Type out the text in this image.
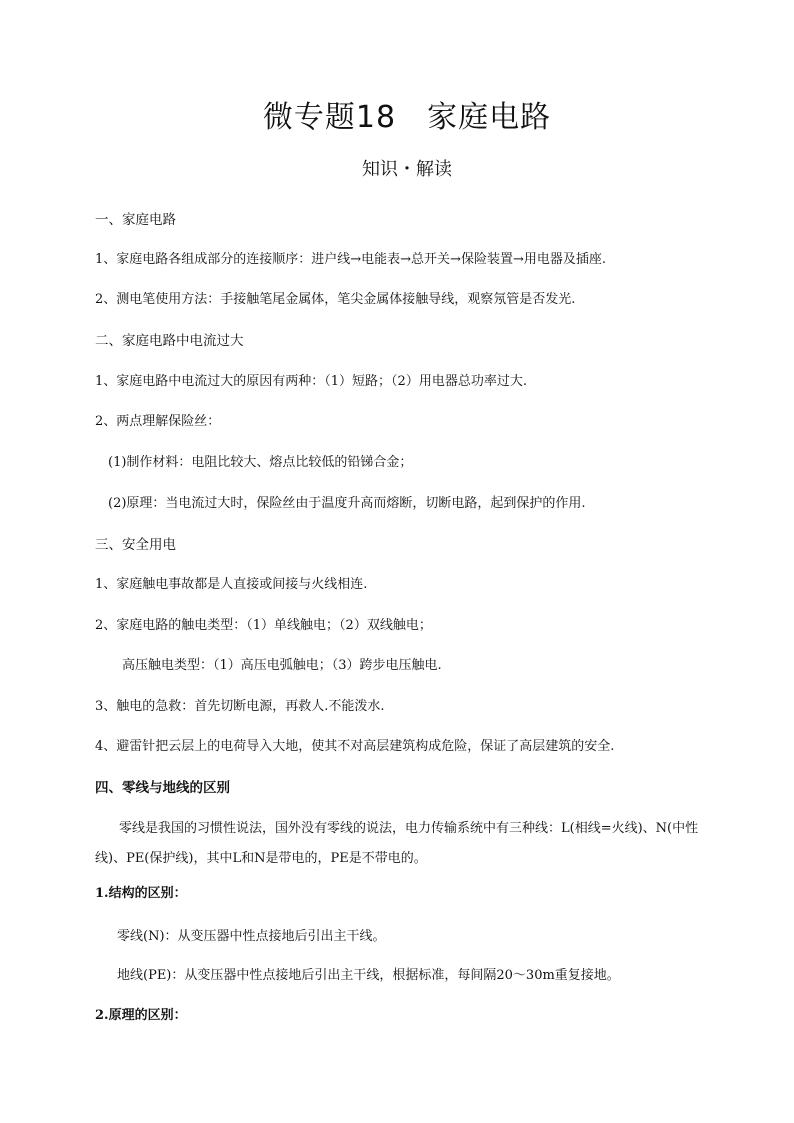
微专题18　家庭电路
知识・解读
一、家庭电路
1、家庭电路各组成部分的连接顺序：进户线→电能表→总开关→保险装置→用电器及插座.
2、测电笔使用方法：手接触笔尾金属体，笔尖金属体接触导线，观察氖管是否发光.
二、家庭电路中电流过大
1、家庭电路中电流过大的原因有两种：（1）短路；（2）用电器总功率过大.
2、两点理解保险丝：
(1)制作材料：电阻比较大、熔点比较低的铅锑合金；
(2)原理：当电流过大时，保险丝由于温度升高而熔断，切断电路，起到保护的作用.
三、安全用电
1、家庭触电事故都是人直接或间接与火线相连.
2、家庭电路的触电类型：（1）单线触电；（2）双线触电；
高压触电类型：（1）高压电弧触电；（3）跨步电压触电.
3、触电的急救：首先切断电源，再救人.不能泼水.
4、避雷针把云层上的电荷导入大地，使其不对高层建筑构成危险，保证了高层建筑的安全.
四、零线与地线的区别
零线是我国的习惯性说法，国外没有零线的说法，电力传输系统中有三种线：L(相线=火线)、N(中性线)、PE(保护线)，其中L和N是带电的，PE是不带电的。
1.结构的区别：
零线(N)：从变压器中性点接地后引出主干线。
地线(PE)：从变压器中性点接地后引出主干线，根据标准，每间隔20～30m重复接地。
2.原理的区别：
